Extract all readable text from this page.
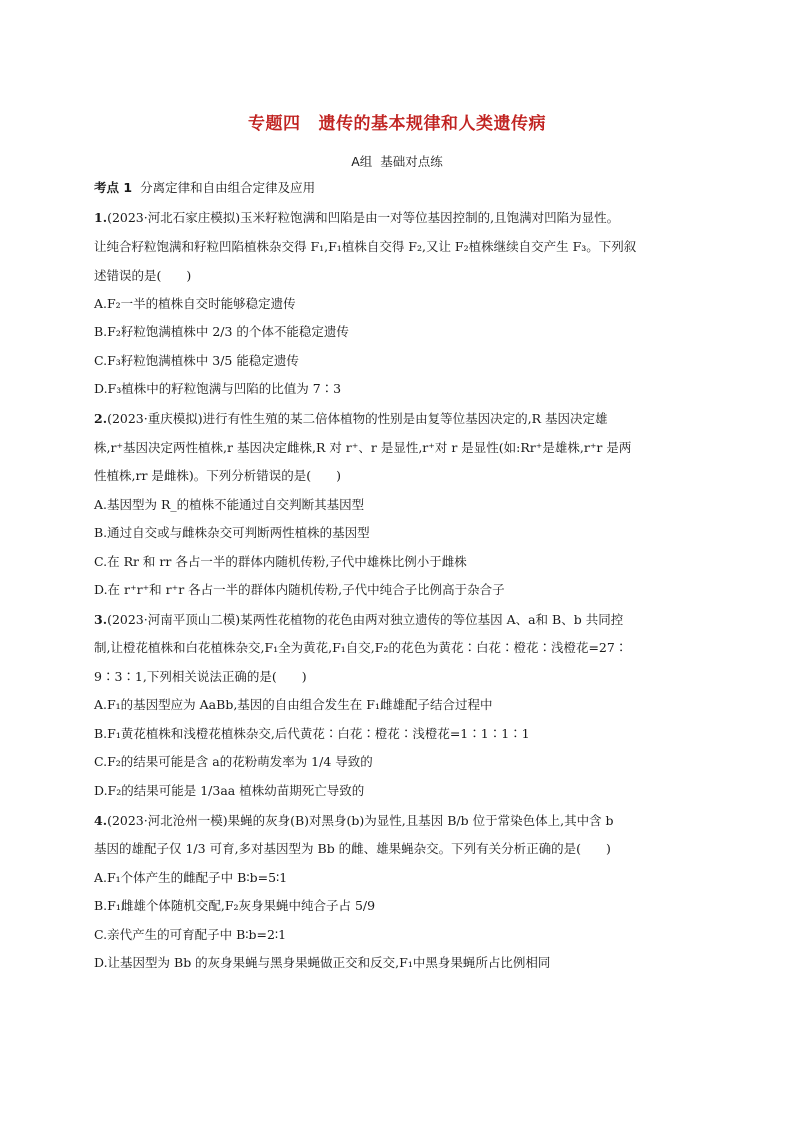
专题四 遗传的基本规律和人类遗传病
A组 基础对点练
考点 1 分离定律和自由组合定律及应用
1.(2023·河北石家庄模拟)玉米籽粒饱满和凹陷是由一对等位基因控制的,且饱满对凹陷为显性。
让纯合籽粒饱满和籽粒凹陷植株杂交得 F₁,F₁植株自交得 F₂,又让 F₂植株继续自交产生 F₃。下列叙
述错误的是(　　)
A.F₂一半的植株自交时能够稳定遗传
B.F₂籽粒饱满植株中 2/3 的个体不能稳定遗传
C.F₃籽粒饱满植株中 3/5 能稳定遗传
D.F₃植株中的籽粒饱满与凹陷的比值为 7∶3
2.(2023·重庆模拟)进行有性生殖的某二倍体植物的性别是由复等位基因决定的,R 基因决定雄
株,r⁺基因决定两性植株,r 基因决定雌株,R 对 r⁺、r 是显性,r⁺对 r 是显性(如:Rr⁺是雄株,r⁺r 是两
性植株,rr 是雌株)。下列分析错误的是(　　)
A.基因型为 R_的植株不能通过自交判断其基因型
B.通过自交或与雌株杂交可判断两性植株的基因型
C.在 Rr 和 rr 各占一半的群体内随机传粉,子代中雄株比例小于雌株
D.在 r⁺r⁺和 r⁺r 各占一半的群体内随机传粉,子代中纯合子比例高于杂合子
3.(2023·河南平顶山二模)某两性花植物的花色由两对独立遗传的等位基因 A、a和 B、b 共同控
制,让橙花植株和白花植株杂交,F₁全为黄花,F₁自交,F₂的花色为黄花∶白花∶橙花∶浅橙花=27∶
9∶3∶1,下列相关说法正确的是(　　)
A.F₁的基因型应为 AaBb,基因的自由组合发生在 F₁雌雄配子结合过程中
B.F₁黄花植株和浅橙花植株杂交,后代黄花∶白花∶橙花∶浅橙花=1∶1∶1∶1
C.F₂的结果可能是含 a的花粉萌发率为 1/4 导致的
D.F₂的结果可能是 1/3aa 植株幼苗期死亡导致的
4.(2023·河北沧州一模)果蝇的灰身(B)对黑身(b)为显性,且基因 B/b 位于常染色体上,其中含 b
基因的雄配子仅 1/3 可育,多对基因型为 Bb 的雌、雄果蝇杂交。下列有关分析正确的是(　　)
A.F₁个体产生的雌配子中 B∶b=5∶1
B.F₁雌雄个体随机交配,F₂灰身果蝇中纯合子占 5/9
C.亲代产生的可育配子中 B∶b=2∶1
D.让基因型为 Bb 的灰身果蝇与黑身果蝇做正交和反交,F₁中黑身果蝇所占比例相同
